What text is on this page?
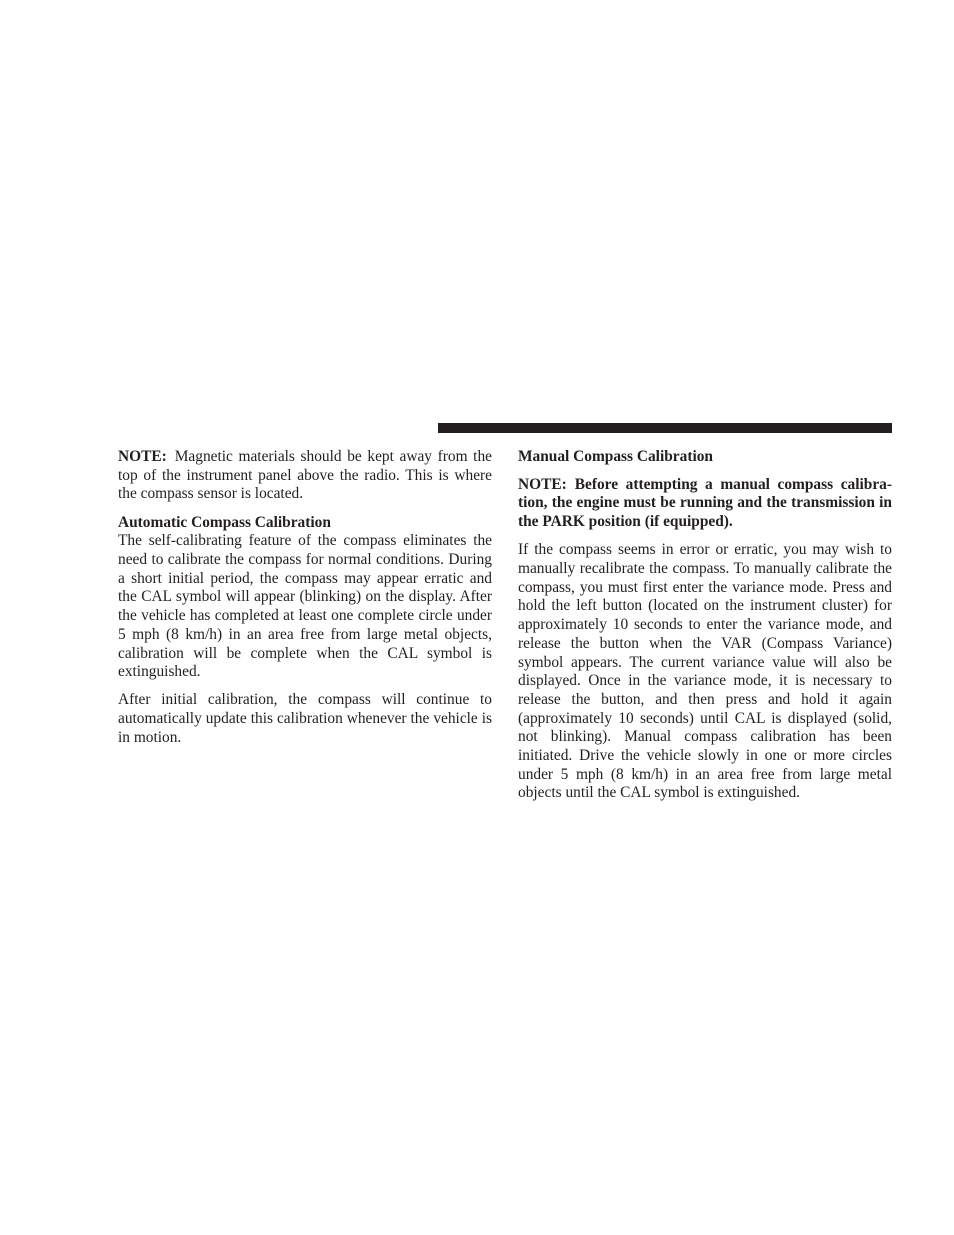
NOTE: Magnetic materials should be kept away from the top of the instrument panel above the radio. This is where the compass sensor is located.

Automatic Compass Calibration

The self-calibrating feature of the compass eliminates the need to calibrate the compass for normal conditions. During a short initial period, the compass may appear erratic and the CAL symbol will appear (blinking) on the display. After the vehicle has completed at least one complete circle under 5 mph (8 km/h) in an area free from large metal objects, calibration will be complete when the CAL symbol is extinguished.

After initial calibration, the compass will continue to automatically update this calibration whenever the vehicle is in motion.

Manual Compass Calibration

NOTE: Before attempting a manual compass calibration, the engine must be running and the transmission in the PARK position (if equipped).

If the compass seems in error or erratic, you may wish to manually recalibrate the compass. To manually calibrate the compass, you must first enter the variance mode. Press and hold the left button (located on the instrument cluster) for approximately 10 seconds to enter the variance mode, and release the button when the VAR (Compass Variance) symbol appears. The current variance value will also be displayed. Once in the variance mode, it is necessary to release the button, and then press and hold it again (approximately 10 seconds) until CAL is displayed (solid, not blinking). Manual compass calibration has been initiated. Drive the vehicle slowly in one or more circles under 5 mph (8 km/h) in an area free from large metal objects until the CAL symbol is extinguished.
